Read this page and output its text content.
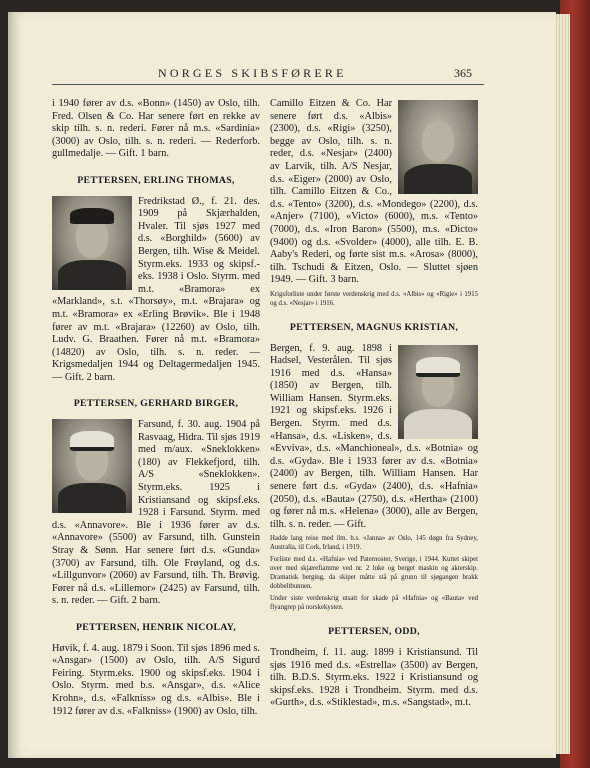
NORGES SKIBSFØRERE	365

i 1940 fører av d.s. «Bonn» (1450) av Oslo, tilh. Fred. Olsen & Co. Har senere ført en rekke av skip tilh. s. n. rederi. Fører nå m.s. «Sardinia» (3000) av Oslo, tilh. s. n. rederi. — Rederforb. gullmedalje. — Gift. 1 barn.

PETTERSEN, ERLING THOMAS,

Fredrikstad Ø., f. 21. des. 1909 på Skjærhalden, Hvaler. Til sjøs 1927 med d.s. «Borghild» (5600) av Bergen, tilh. Wise & Meidel. Styrm.eks. 1933 og skipsf.-eks. 1938 i Oslo. Styrm. med m.t. «Bramora» ex «Markland», s.t. «Thorsøy», m.t. «Brajara» og m.t. «Bramora» ex «Erling Brøvik». Ble i 1948 fører av m.t. «Brajara» (12260) av Oslo, tilh. Ludv. G. Braathen. Fører nå m.t. «Bramora» (14820) av Oslo, tilh. s. n. reder. — Krigsmedaljen 1944 og Deltagermedaljen 1945. — Gift. 2 barn.

PETTERSEN, GERHARD BIRGER,

Farsund, f. 30. aug. 1904 på Rasvaag, Hidra. Til sjøs 1919 med m/aux. «Sneklokken» (180) av Flekkefjord, tilh. A/S «Sneklokken». Styrm.eks. 1925 i Kristiansand og skipsf.eks. 1928 i Farsund. Styrm. med d.s. «Annavore». Ble i 1936 fører av d.s. «Annavore» (5500) av Farsund, tilh. Gunstein Stray & Sønn. Har senere ført d.s. «Gunda» (3700) av Farsund, tilh. Ole Frøyland, og d.s. «Lillgunvor» (2060) av Farsund, tilh. Th. Brøvig. Fører nå d.s. «Lillemor» (2425) av Farsund, tilh. s. n. reder. — Gift. 2 barn.

PETTERSEN, HENRIK NICOLAY,

Høvik, f. 4. aug. 1879 i Soon. Til sjøs 1896 med s. «Ansgar» (1500) av Oslo, tilh. A/S Sigurd Feiring. Styrm.eks. 1900 og skipsf.eks. 1904 i Oslo. Styrm. med b.s. «Ansgar», d.s. «Alice Krohn», d.s. «Falkniss» og d.s. «Albis». Ble i 1912 fører av d.s. «Falkniss» (1900) av Oslo, tilh.

Camillo Eitzen & Co. Har senere ført d.s. «Albis» (2300), d.s. «Rigi» (3250), begge av Oslo, tilh. s. n. reder, d.s. «Nesjar» (2400) av Larvik, tilh. A/S Nesjar, d.s. «Eiger» (2000) av Oslo, tilh. Camillo Eitzen & Co., d.s. «Tento» (3200), d.s. «Mondego» (2200), d.s. «Anjer» (7100), «Victo» (6000), m.s. «Tento» (7000), d.s. «Iron Baron» (5500), m.s. «Dicto» (9400) og d.s. «Svolder» (4000), alle tilh. E. B. Aaby's Rederi, og førte sist m.s. «Arosa» (8000), tilh. Tschudi & Eitzen, Oslo. — Sluttet sjøen 1949. — Gift. 3 barn.

Krigsforliste under første verdenskrig med d.s. «Albis» og «Rigie» i 1915 og d.s. «Nesjar» i 1916.

PETTERSEN, MAGNUS KRISTIAN,

Bergen, f. 9. aug. 1898 i Hadsel, Vesterålen. Til sjøs 1916 med d.s. «Hansa» (1850) av Bergen, tilh. William Hansen. Styrm.eks. 1921 og skipsf.eks. 1926 i Bergen. Styrm. med d.s. «Hansa», d.s. «Lisken», d.s. «Evviva», d.s. «Manchioneal», d.s. «Botnia» og d.s. «Gyda». Ble i 1933 fører av d.s. «Botnia» (2400) av Bergen, tilh. William Hansen. Har senere ført d.s. «Gyda» (2400), d.s. «Hafnia» (2050), d.s. «Bauta» (2750), d.s. «Hertha» (2100) og fører nå m.s. «Helena» (3000), alle av Bergen, tilh. s. n. reder. — Gift.

Hadde lang reise med ilm. b.s. «Janna» av Oslo, 145 døgn fra Sydney, Australia, til Cork, Irland, i 1919.

Forliste med d.s. «Hafnia» ved Paternoster, Sverige, i 1944. Kuttet skipet over med skjærefiamme ved nr. 2 luke og berget maskin og akterskip. Dramatisk berging, da skipet måtte stå på grunn til sjøgangen brakk dobbeltbunnen.

Under siste verdenskrig utsatt for skade på «Hafnia» og «Bauta» ved flyangrep på norskekysten.

PETTERSEN, ODD,

Trondheim, f. 11. aug. 1899 i Kristiansund. Til sjøs 1916 med d.s. «Estrella» (3500) av Bergen, tilh. B.D.S. Styrm.eks. 1922 i Kristiansund og skipsf.eks. 1928 i Trondheim. Styrm. med d.s. «Gurth», d.s. «Stiklestad», m.s. «Sangstad», m.t.
